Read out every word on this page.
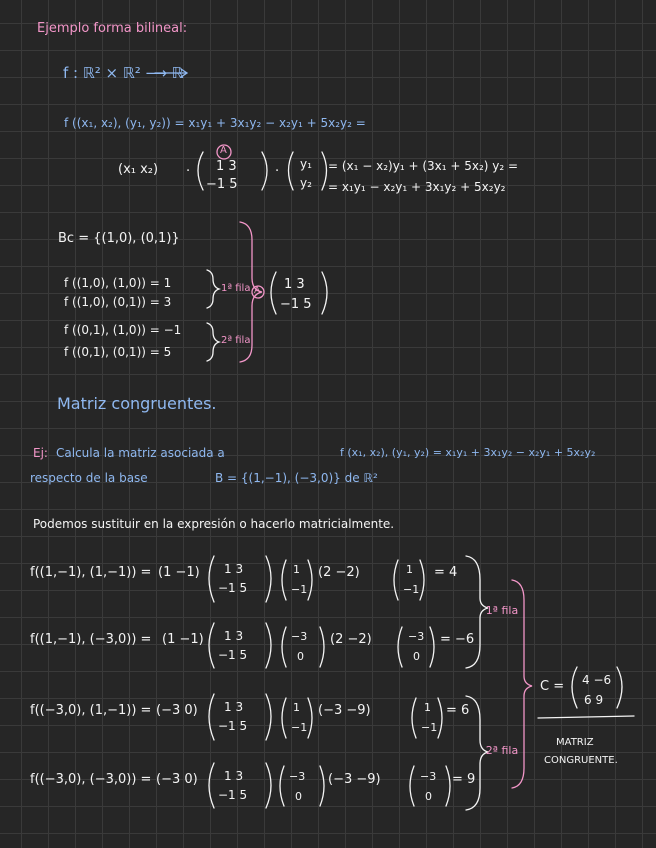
Ejemplo forma bilineal:
f : ℝ² × ℝ² ⟶ ℝ
f ((x₁, x₂), (y₁, y₂)) = x₁y₁ + 3x₁y₂ − x₂y₁ + 5x₂y₂ =
(x₁ x₂) ·
A
1 3
−1 5
· y₁
y₂
= (x₁ − x₂)y₁ + (3x₁ + 5x₂) y₂ =
= x₁y₁ − x₂y₁ + 3x₁y₂ + 5x₂y₂
Bc = {(1,0), (0,1)}
f ((1,0), (1,0)) = 1
f ((1,0), (0,1)) = 3
f ((0,1), (1,0)) = −1
f ((0,1), (0,1)) = 5
1ª fila
2ª fila
A 1 3
−1 5
Matriz congruentes.
Ej: Calcula la matriz asociada a	f (x₁, x₂), (y₁, y₂) = x₁y₁ + 3x₁y₂ − x₂y₁ + 5x₂y₂
respecto de la base	B = {(1,−1), (−3,0)} de ℝ²
Podemos sustituir en la expresión o hacerlo matricialmente.
f((1,−1), (1,−1)) = (1 −1) 1 3
−1 5
1
−1
(2 −2)	1
−1
= 4
f((1,−1), (−3,0)) = (1 −1) 1 3
−1 5
−3
0
(2 −2)	−3
0
= −6
f((−3,0), (1,−1)) = (−3 0) 1 3
−1 5
1
−1
(−3 −9)	1
−1
= 6
f((−3,0), (−3,0)) = (−3 0) 1 3
−1 5
−3
0
(−3 −9)	−3
0
= 9
1ª fila
2ª fila
C = 4 −6
6 9
MATRIZ
CONGRUENTE.
